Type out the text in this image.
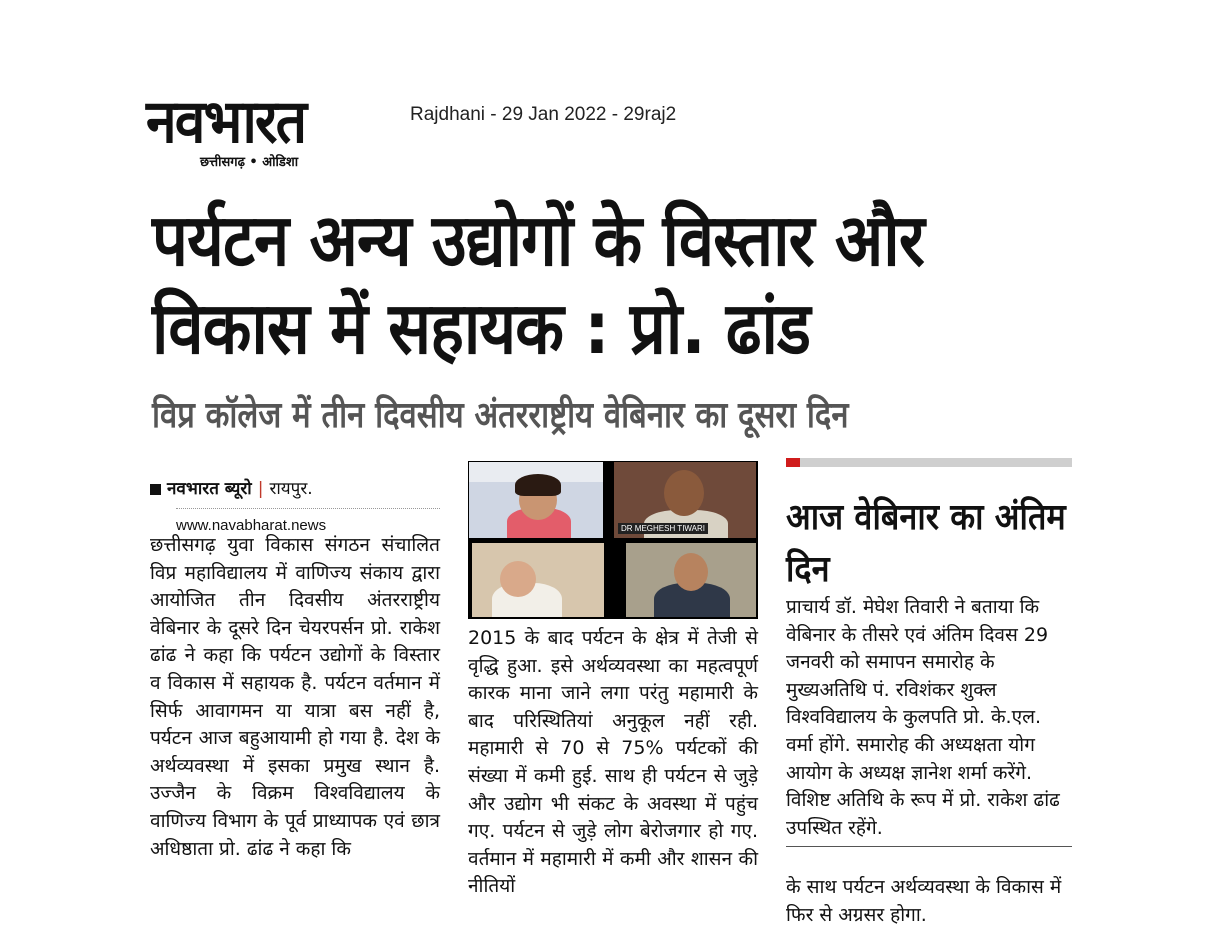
नवभारत
छत्तीसगढ़ • ओडिशा
Rajdhani - 29 Jan 2022 - 29raj2
पर्यटन अन्य उद्योगों के विस्तार और विकास में सहायक : प्रो. ढांड
विप्र कॉलेज में तीन दिवसीय अंतरराष्ट्रीय वेबिनार का दूसरा दिन
नवभारत ब्यूरो | रायपुर.
www.navabharat.news

छत्तीसगढ़ युवा विकास संगठन संचालित विप्र महाविद्यालय में वाणिज्य संकाय द्वारा आयोजित तीन दिवसीय अंतरराष्ट्रीय वेबिनार के दूसरे दिन चेयरपर्सन प्रो. राकेश ढांढ ने कहा कि पर्यटन उद्योगों के विस्तार व विकास में सहायक है. पर्यटन वर्तमान में सिर्फ आवागमन या यात्रा बस नहीं है, पर्यटन आज बहुआयामी हो गया है. देश के अर्थव्यवस्था में इसका प्रमुख स्थान है. उज्जैन के विक्रम विश्वविद्यालय के वाणिज्य विभाग के पूर्व प्राध्यापक एवं छात्र अधिष्ठाता प्रो. ढांढ ने कहा कि

DR MEGHESH TIWARI

2015 के बाद पर्यटन के क्षेत्र में तेजी से वृद्धि हुआ. इसे अर्थव्यवस्था का महत्वपूर्ण कारक माना जाने लगा परंतु महामारी के बाद परिस्थितियां अनुकूल नहीं रही. महामारी से 70 से 75% पर्यटकों की संख्या में कमी हुई. साथ ही पर्यटन से जुड़े और उद्योग भी संकट के अवस्था में पहुंच गए. पर्यटन से जुड़े लोग बेरोजगार हो गए. वर्तमान में महामारी में कमी और शासन की नीतियों

आज वेबिनार का अंतिम दिन

प्राचार्य डॉ. मेघेश तिवारी ने बताया कि वेबिनार के तीसरे एवं अंतिम दिवस 29 जनवरी को समापन समारोह के मुख्यअतिथि पं. रविशंकर शुक्ल विश्वविद्यालय के कुलपति प्रो. के.एल. वर्मा होंगे. समारोह की अध्यक्षता योग आयोग के अध्यक्ष ज्ञानेश शर्मा करेंगे. विशिष्ट अतिथि के रूप में प्रो. राकेश ढांढ उपस्थित रहेंगे.

के साथ पर्यटन अर्थव्यवस्था के विकास में फिर से अग्रसर होगा.
